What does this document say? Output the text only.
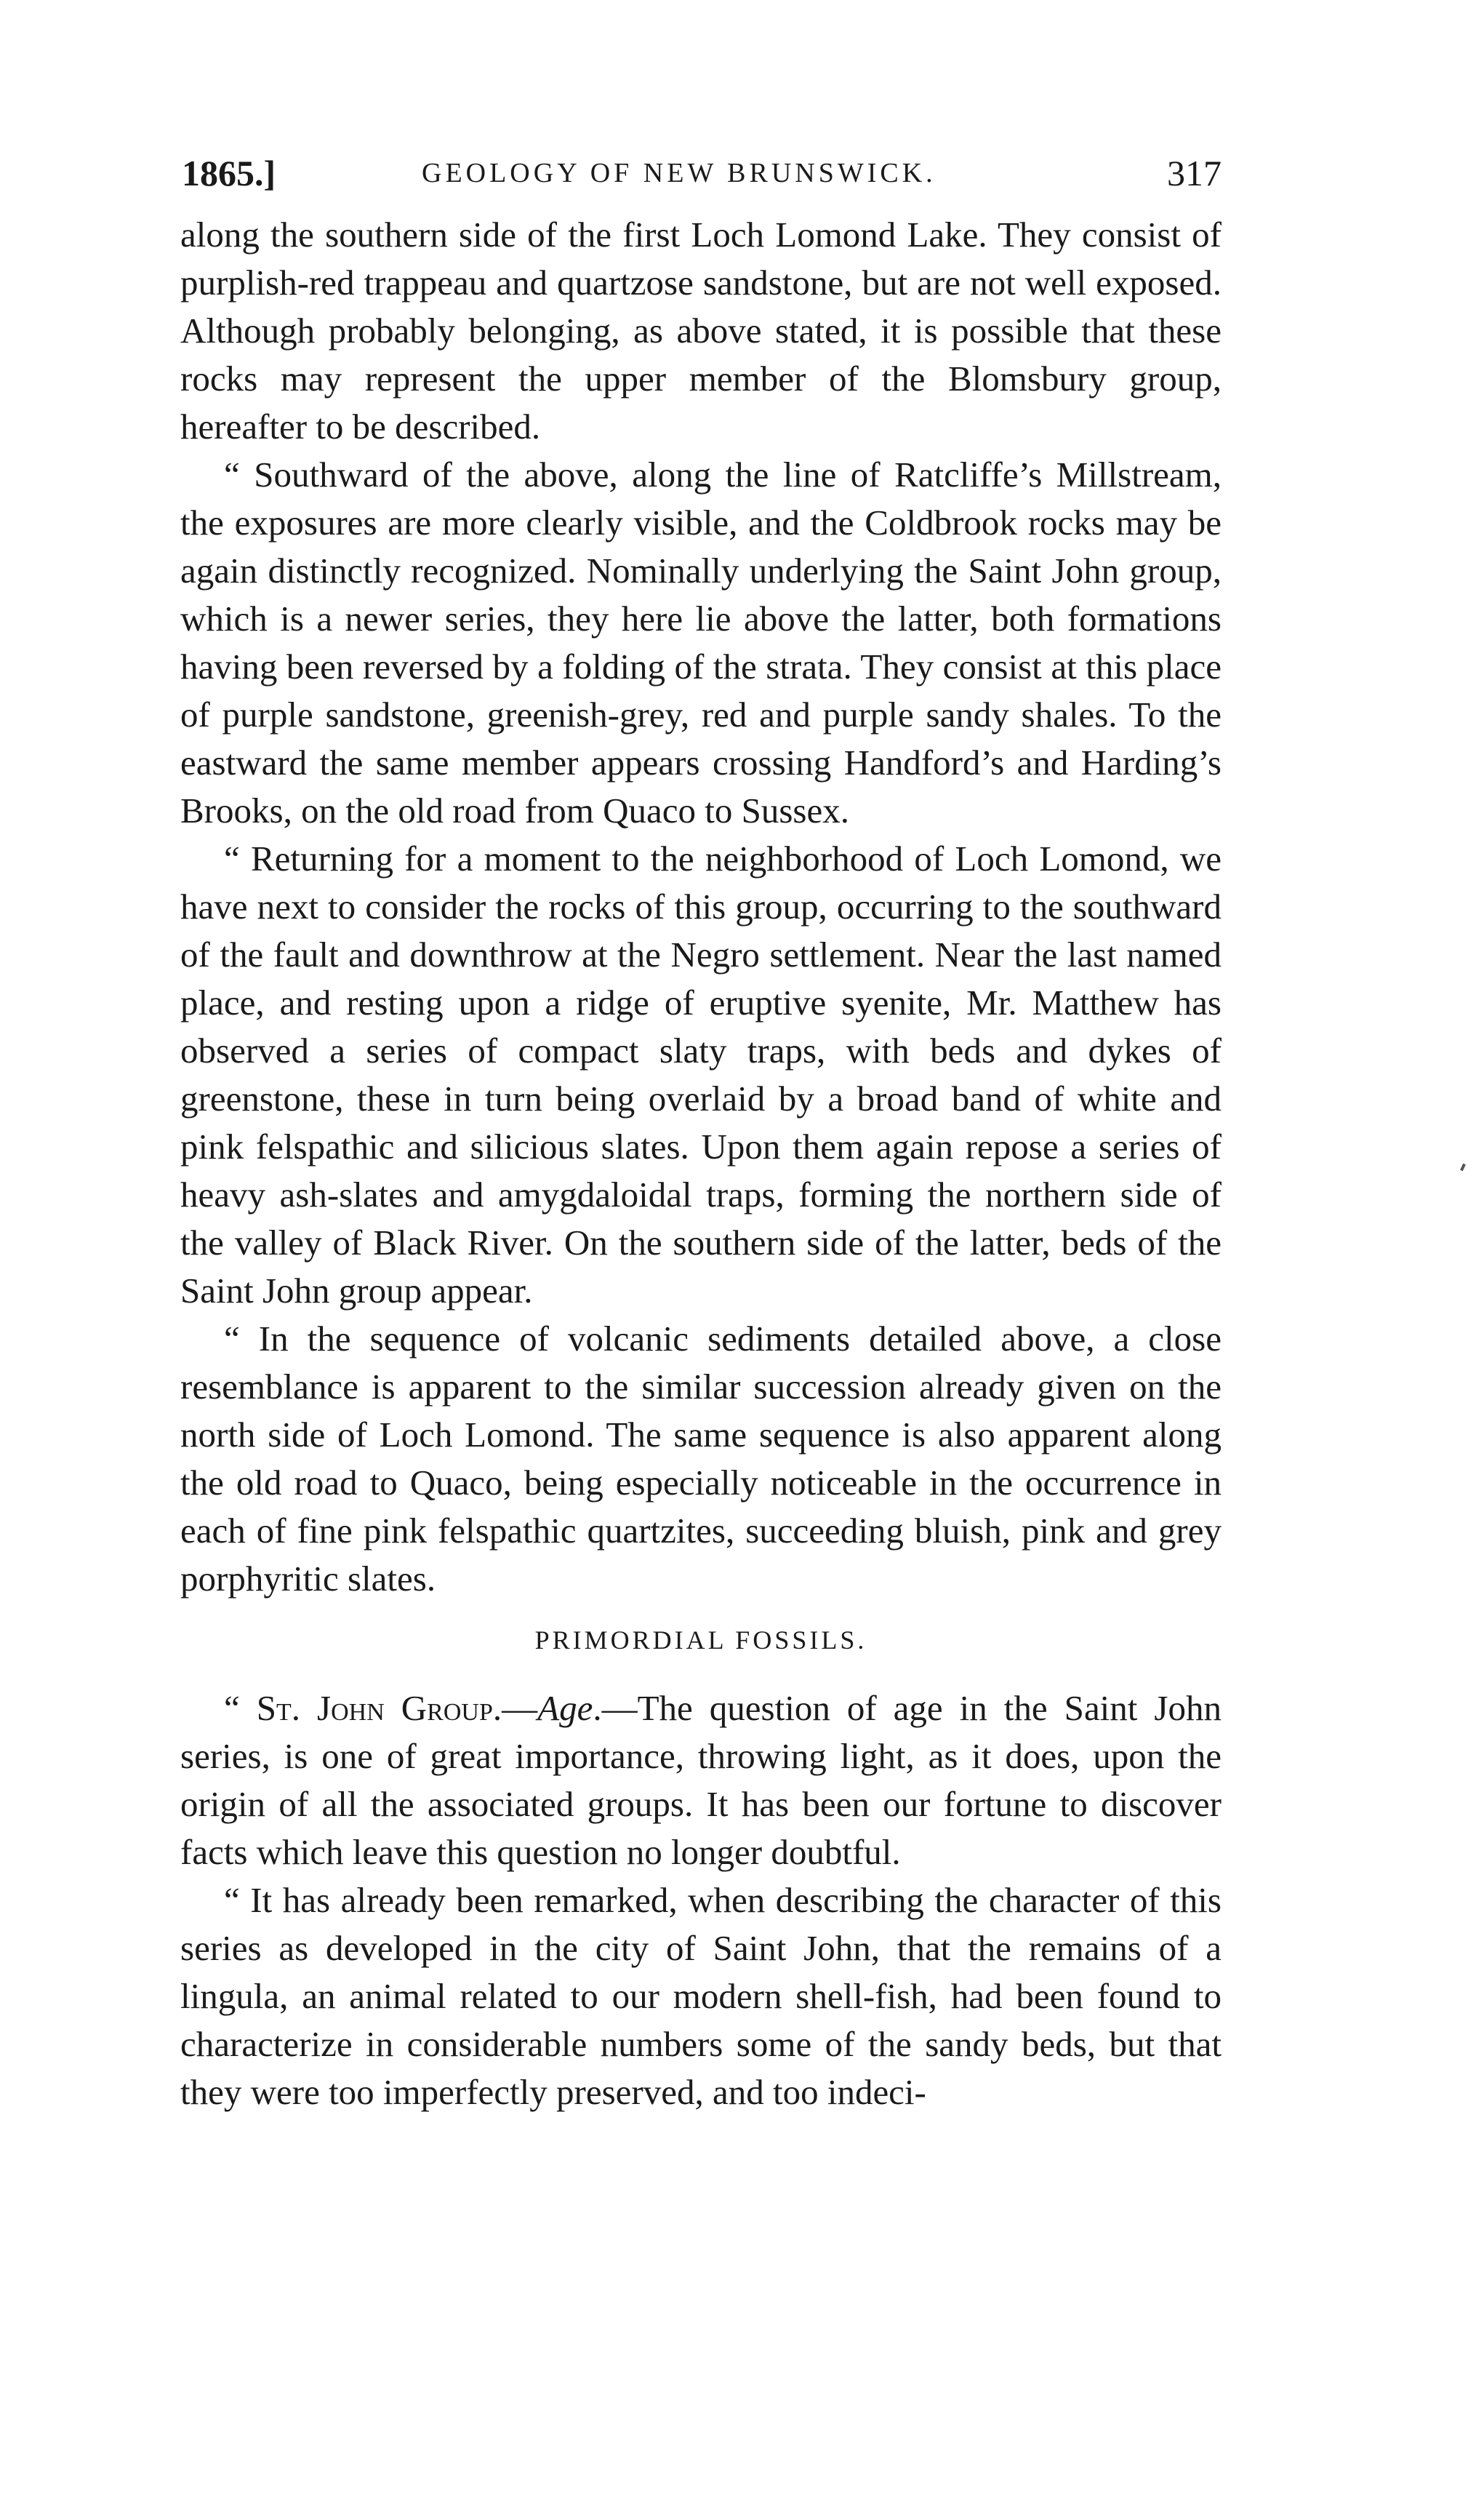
1865.]	GEOLOGY OF NEW BRUNSWICK.	317

along the southern side of the first Loch Lomond Lake. They consist of purplish-red trappeau and quartzose sandstone, but are not well exposed. Although probably belonging, as above stated, it is possible that these rocks may represent the upper member of the Blomsbury group, hereafter to be described.

“ Southward of the above, along the line of Ratcliffe’s Millstream, the exposures are more clearly visible, and the Coldbrook rocks may be again distinctly recognized. Nominally underlying the Saint John group, which is a newer series, they here lie above the latter, both formations having been reversed by a folding of the strata. They consist at this place of purple sandstone, greenish-grey, red and purple sandy shales. To the eastward the same member appears crossing Handford’s and Harding’s Brooks, on the old road from Quaco to Sussex.

“ Returning for a moment to the neighborhood of Loch Lomond, we have next to consider the rocks of this group, occurring to the southward of the fault and downthrow at the Negro settlement. Near the last named place, and resting upon a ridge of eruptive syenite, Mr. Matthew has observed a series of compact slaty traps, with beds and dykes of greenstone, these in turn being overlaid by a broad band of white and pink felspathic and silicious slates. Upon them again repose a series of heavy ash-slates and amygdaloidal traps, forming the northern side of the valley of Black River. On the southern side of the latter, beds of the Saint John group appear.

“ In the sequence of volcanic sediments detailed above, a close resemblance is apparent to the similar succession already given on the north side of Loch Lomond. The same sequence is also apparent along the old road to Quaco, being especially noticeable in the occurrence in each of fine pink felspathic quartzites, succeeding bluish, pink and grey porphyritic slates.

PRIMORDIAL FOSSILS.

“ St. John Group.—Age.—The question of age in the Saint John series, is one of great importance, throwing light, as it does, upon the origin of all the associated groups. It has been our fortune to discover facts which leave this question no longer doubtful.

“ It has already been remarked, when describing the character of this series as developed in the city of Saint John, that the remains of a lingula, an animal related to our modern shell-fish, had been found to characterize in considerable numbers some of the sandy beds, but that they were too imperfectly preserved, and too indeci-
